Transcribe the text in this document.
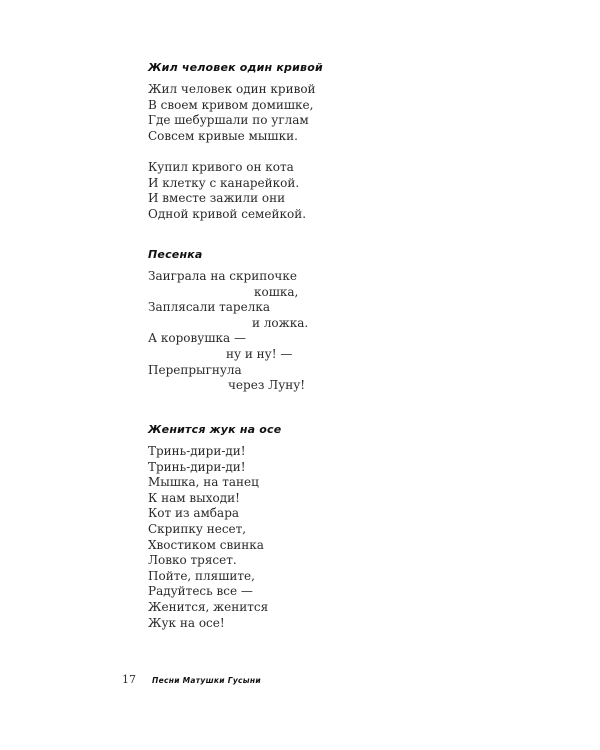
Жил человек один кривой
Жил человек один кривой
В своем кривом домишке,
Где шебуршали по углам
Совсем кривые мышки.
Купил кривого он кота
И клетку с канарейкой.
И вместе зажили они
Одной кривой семейкой.
Песенка
Заиграла на скрипочке
кошка,
Заплясали тарелка
и ложка.
А коровушка —
ну и ну! —
Перепрыгнула
через Луну!
Женится жук на осе
Тринь-дири-ди!
Тринь-дири-ди!
Мышка, на танец
К нам выходи!
Кот из амбара
Скрипку несет,
Хвостиком свинка
Ловко трясет.
Пойте, пляшите,
Радуйтесь все —
Женится, женится
Жук на осе!
17 Песни Матушки Гусыни
